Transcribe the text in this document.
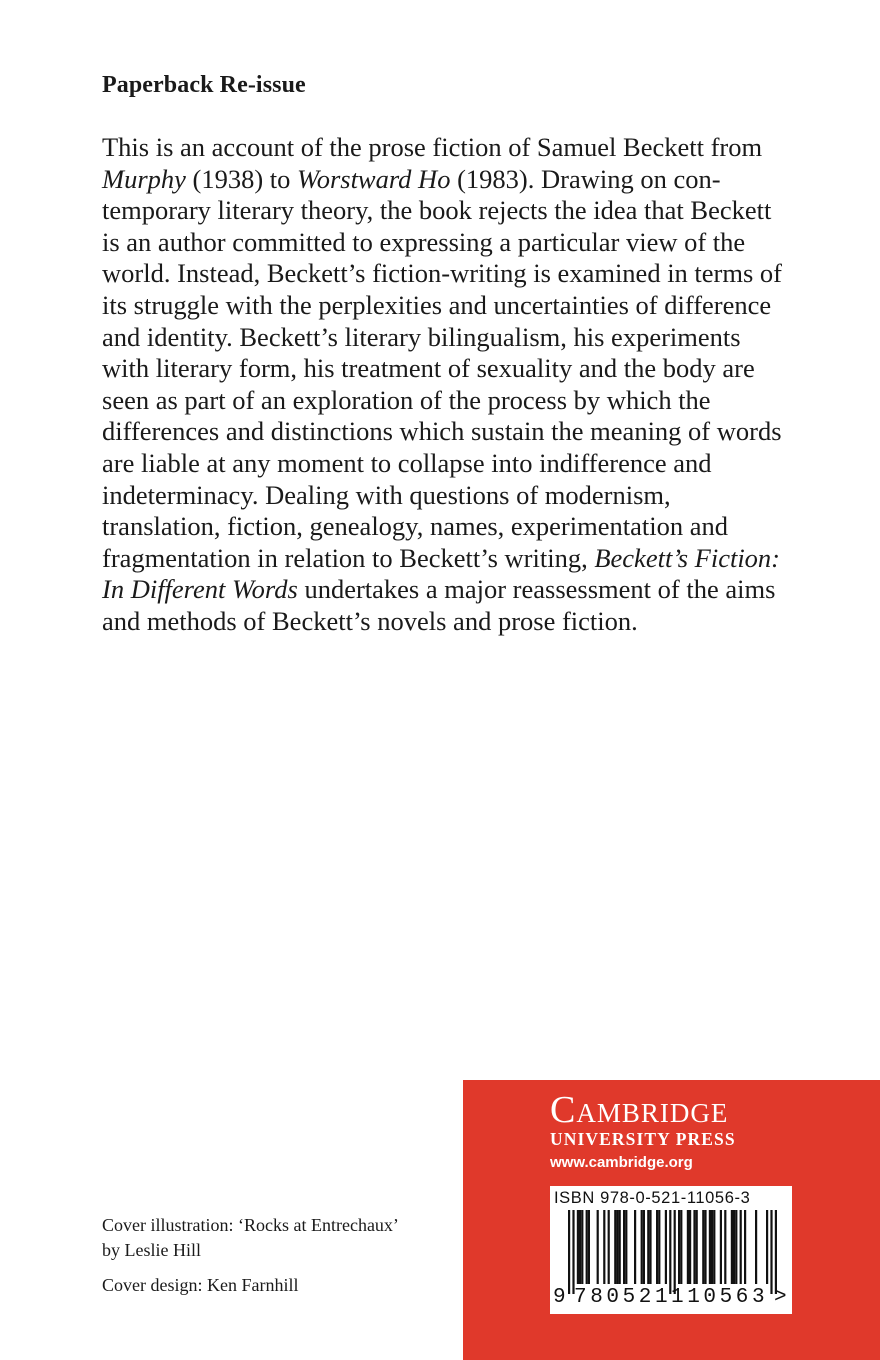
Paperback Re-issue

This is an account of the prose fiction of Samuel Beckett from
Murphy (1938) to Worstward Ho (1983). Drawing on con-
temporary literary theory, the book rejects the idea that Beckett
is an author committed to expressing a particular view of the
world. Instead, Beckett’s fiction-writing is examined in terms of
its struggle with the perplexities and uncertainties of difference
and identity. Beckett’s literary bilingualism, his experiments
with literary form, his treatment of sexuality and the body are
seen as part of an exploration of the process by which the
differences and distinctions which sustain the meaning of words
are liable at any moment to collapse into indifference and
indeterminacy. Dealing with questions of modernism,
translation, fiction, genealogy, names, experimentation and
fragmentation in relation to Beckett’s writing, Beckett’s Fiction:
In Different Words undertakes a major reassessment of the aims
and methods of Beckett’s novels and prose fiction.

Cover illustration: ‘Rocks at Entrechaux’
by Leslie Hill
Cover design: Ken Farnhill
Cambridge
UNIVERSITY PRESS
www.cambridge.org
ISBN 978-0-521-11056-3
9 780521 110563 >
